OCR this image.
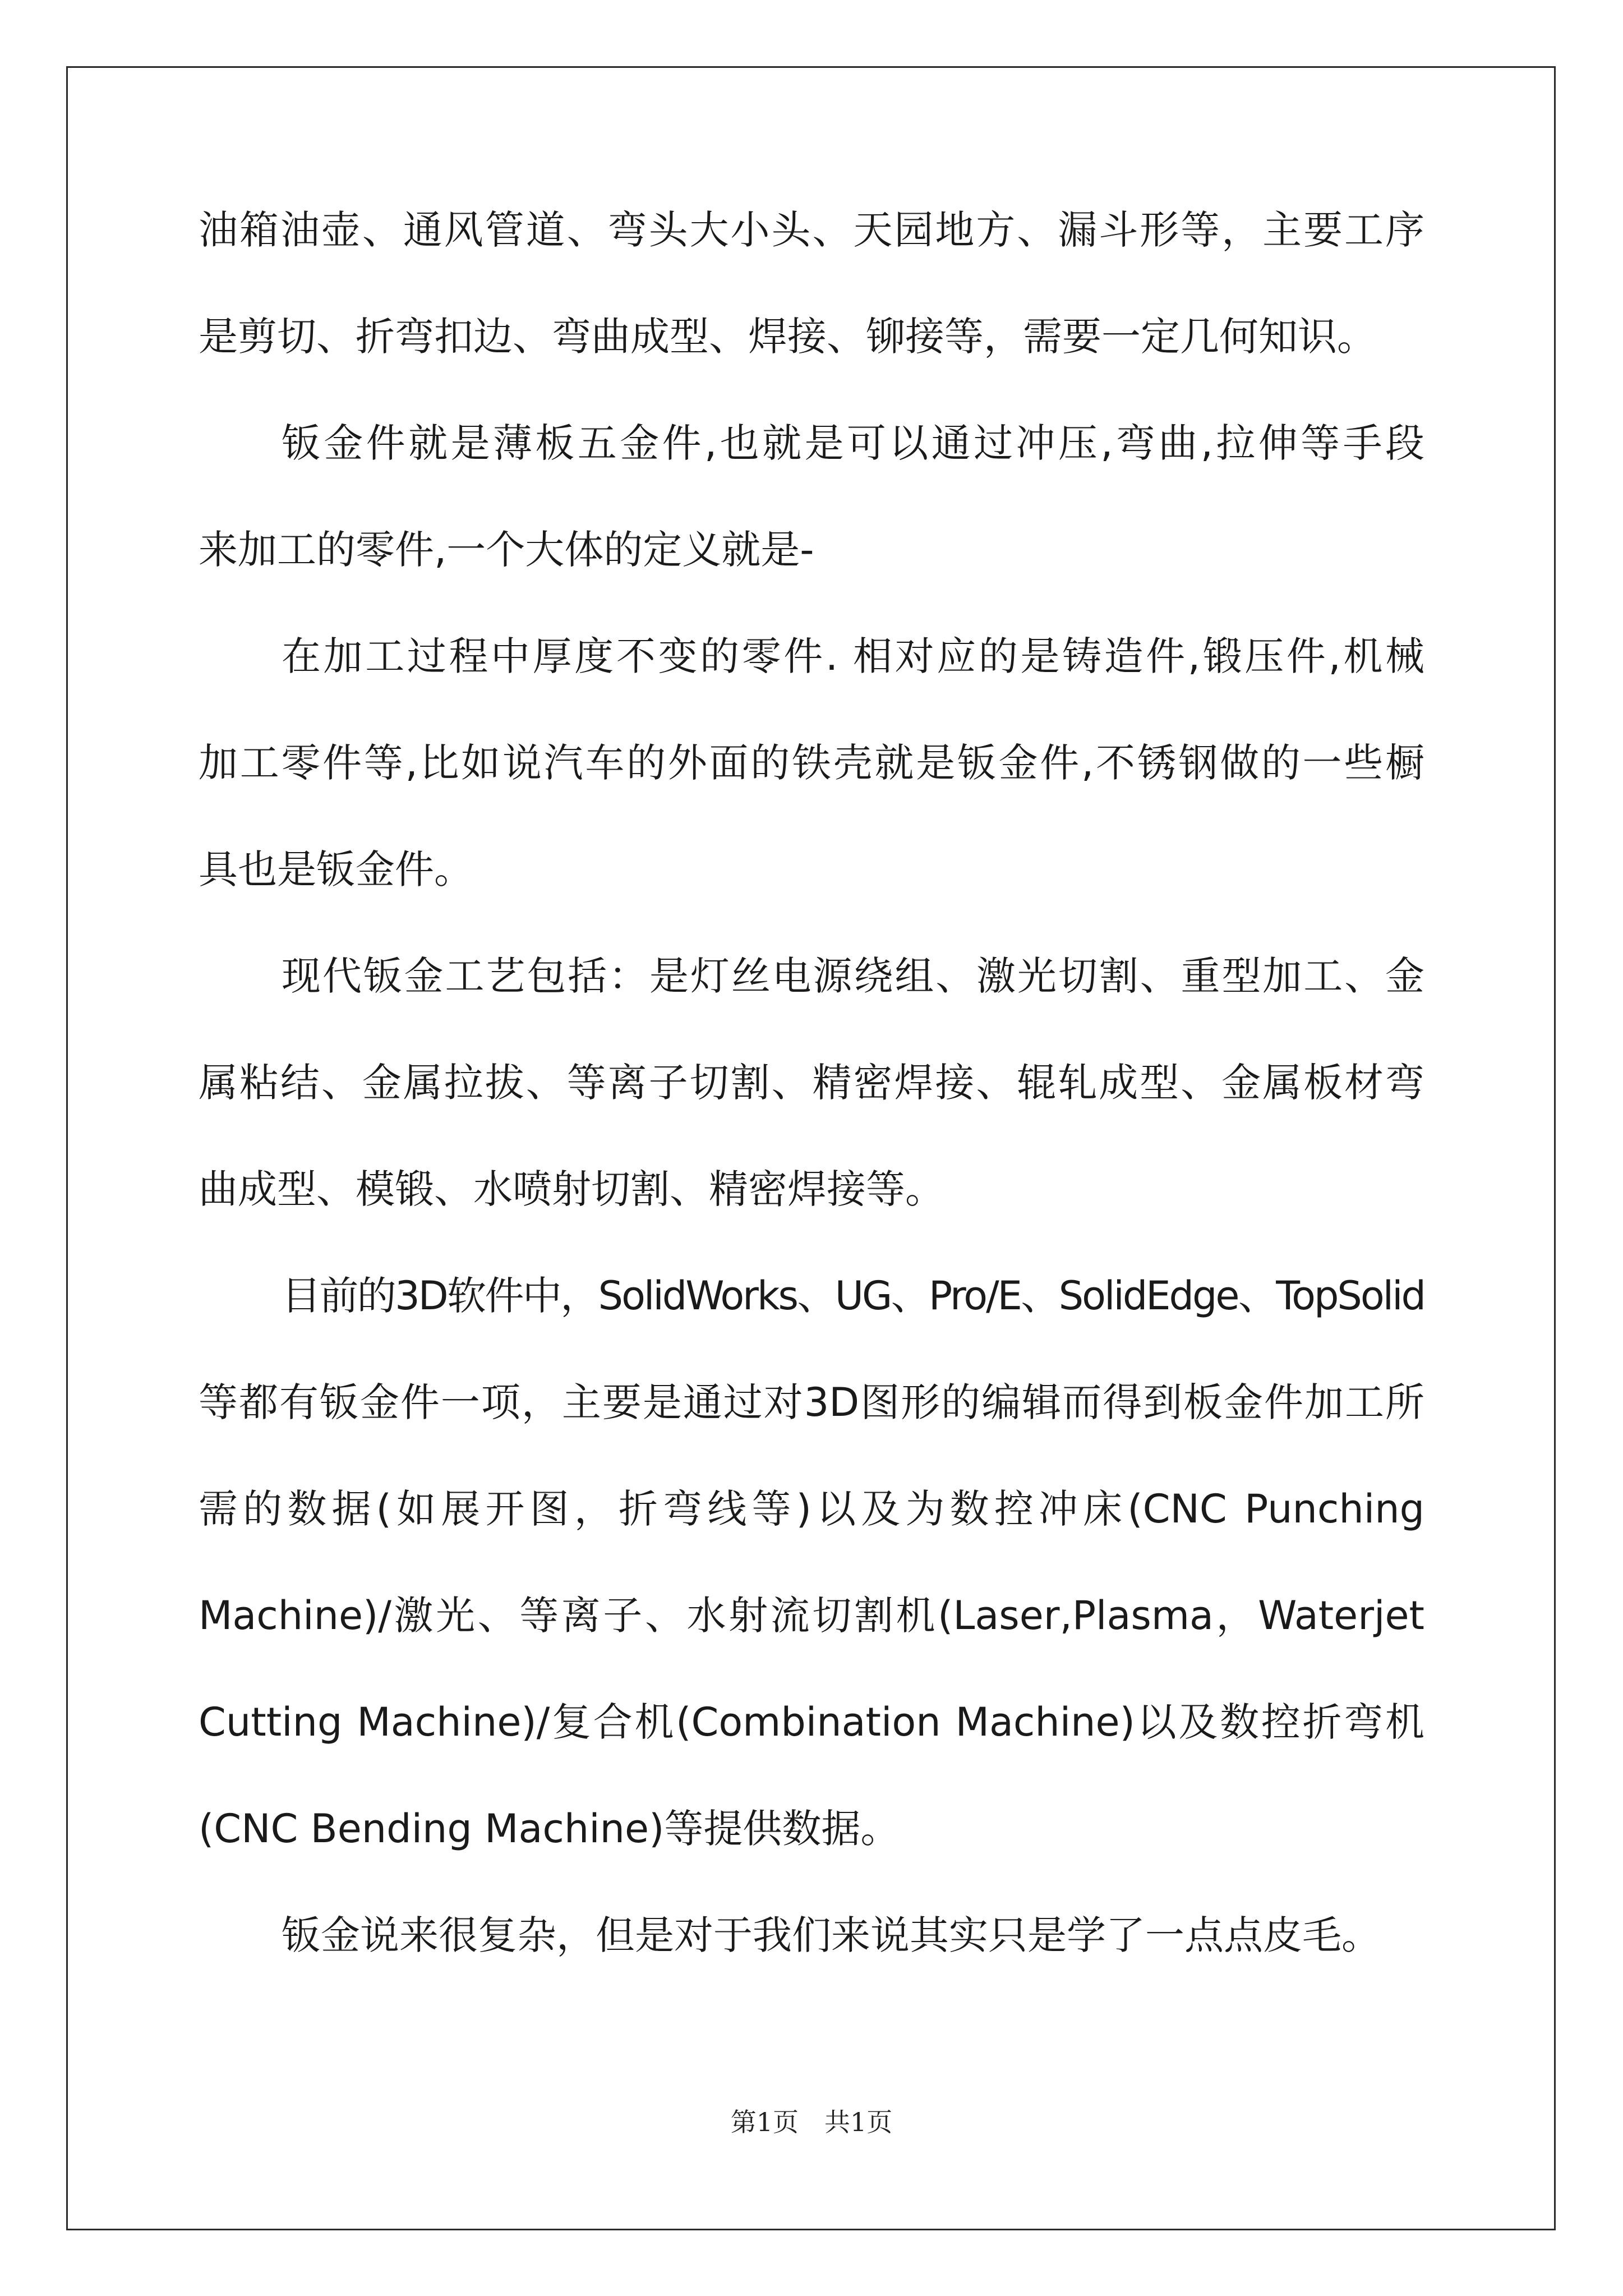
油箱油壶、通风管道、弯头大小头、天园地方、漏斗形等，主要工序
是剪切、折弯扣边、弯曲成型、焊接、铆接等，需要一定几何知识。
钣金件就是薄板五金件,也就是可以通过冲压,弯曲,拉伸等手段
来加工的零件,一个大体的定义就是-
在加工过程中厚度不变的零件. 相对应的是铸造件,锻压件,机械
加工零件等,比如说汽车的外面的铁壳就是钣金件,不锈钢做的一些橱
具也是钣金件。
现代钣金工艺包括：是灯丝电源绕组、激光切割、重型加工、金
属粘结、金属拉拔、等离子切割、精密焊接、辊轧成型、金属板材弯
曲成型、模锻、水喷射切割、精密焊接等。
目前的3D软件中，SolidWorks、UG、Pro/E、SolidEdge、TopSolid
等都有钣金件一项，主要是通过对3D图形的编辑而得到板金件加工所
需的数据(如展开图，折弯线等)以及为数控冲床(CNC Punching
Machine)/激光、等离子、水射流切割机(Laser,Plasma，Waterjet
Cutting Machine)/复合机(Combination Machine)以及数控折弯机
(CNC Bending Machine)等提供数据。
钣金说来很复杂，但是对于我们来说其实只是学了一点点皮毛。
第1页　共1页
